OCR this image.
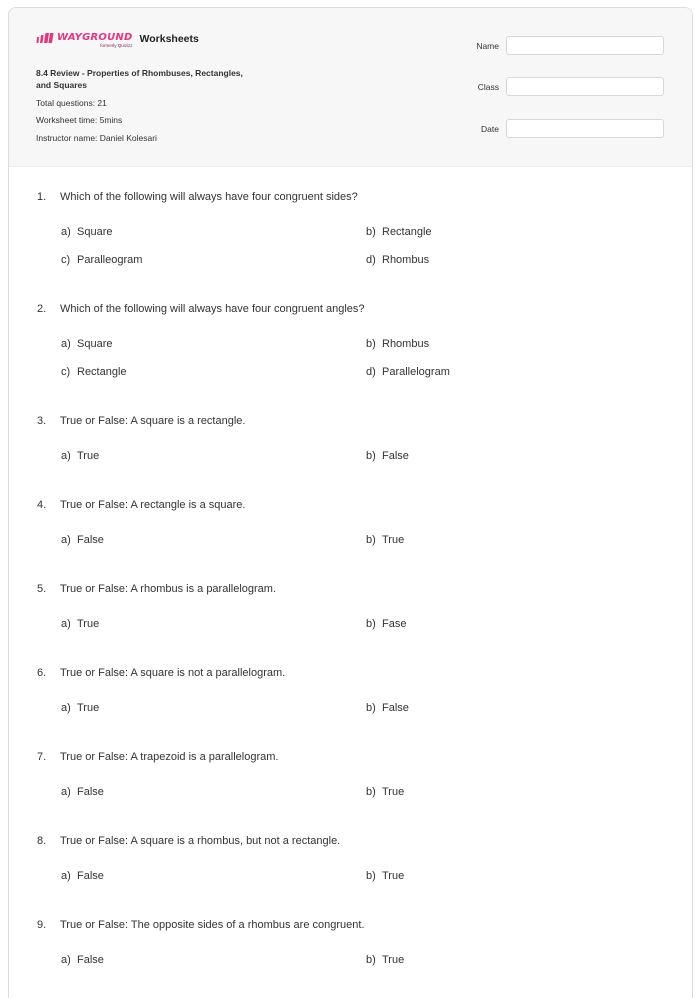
WAYGROUND
formerly Quizizz
Worksheets
8.4 Review - Properties of Rhombuses, Rectangles, and Squares
Total questions: 21
Worksheet time: 5mins
Instructor name: Daniel Kolesari
Name
Class
Date
1.	Which of the following will always have four congruent sides?
a) Square	b) Rectangle
c) Paralleogram	d) Rhombus
2.	Which of the following will always have four congruent angles?
a) Square	b) Rhombus
c) Rectangle	d) Parallelogram
3.	True or False: A square is a rectangle.
a) True	b) False
4.	True or False: A rectangle is a square.
a) False	b) True
5.	True or False: A rhombus is a parallelogram.
a) True	b) Fase
6.	True or False: A square is not a parallelogram.
a) True	b) False
7.	True or False: A trapezoid is a parallelogram.
a) False	b) True
8.	True or False: A square is a rhombus, but not a rectangle.
a) False	b) True
9.	True or False: The opposite sides of a rhombus are congruent.
a) False	b) True
